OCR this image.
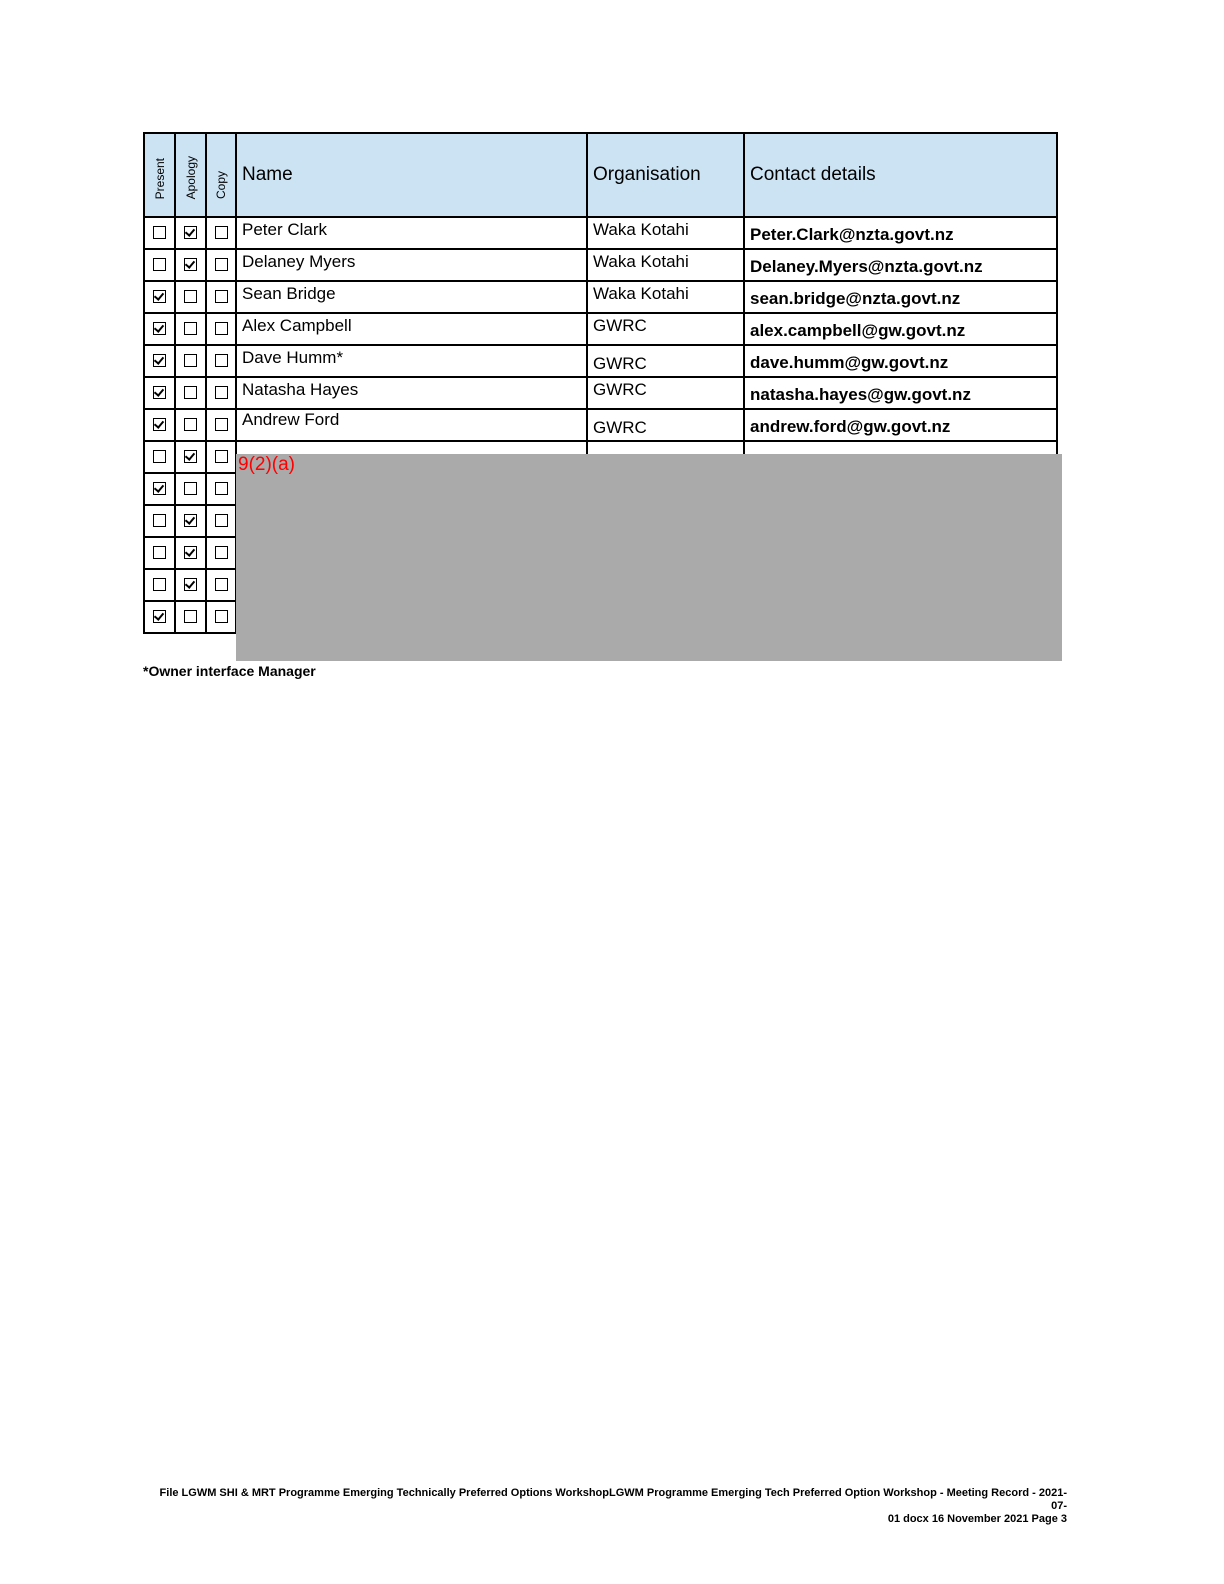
Present	Apology	Copy	Name	Organisation	Contact details

			Peter Clark	Waka Kotahi	Peter.Clark@nzta.govt.nz

			Delaney Myers	Waka Kotahi	Delaney.Myers@nzta.govt.nz

			Sean Bridge	Waka Kotahi	sean.bridge@nzta.govt.nz

			Alex Campbell	GWRC	alex.campbell@gw.govt.nz

			Dave Humm*	GWRC	dave.humm@gw.govt.nz

			Natasha Hayes	GWRC	natasha.hayes@gw.govt.nz

			Andrew Ford	GWRC	andrew.ford@gw.govt.nz

9(2)(a)
*Owner interface Manager
File LGWM SHI & MRT Programme Emerging Technically Preferred Options WorkshopLGWM Programme Emerging Tech Preferred Option Workshop - Meeting Record - 2021-07-
01 docx 16 November 2021 Page 3
